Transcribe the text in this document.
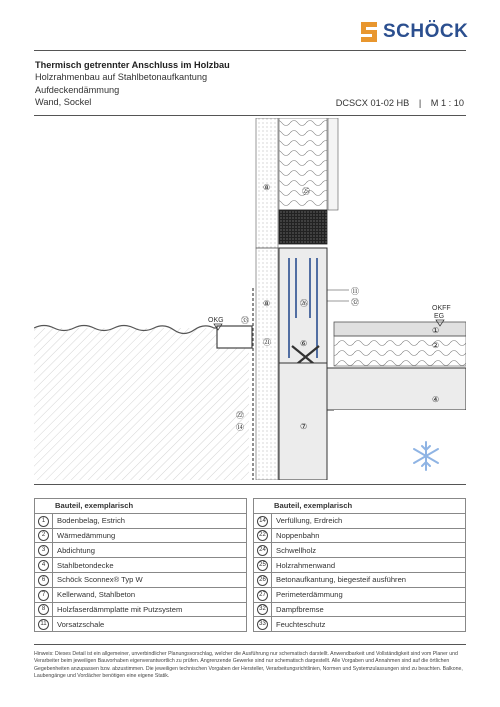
SCHÖCK
Thermisch getrennter Anschluss im Holzbau
Holzrahmenbau auf Stahlbetonaufkantung
Aufdeckendämmung
Wand, Sockel	DCSCX 01-02 HB | M 1 : 10
OKG
OKFF
EG
⑧	㉕
⑪
㉜
⑧
㉝
㉖
㉑	⑥
①
②
④
㉒
⑭	⑦
Bauteil, exemplarisch	
1	Bodenbelag, Estrich
2	Wärmedämmung
3	Abdichtung
4	Stahlbetondecke
6	Schöck Sconnex® Typ W
7	Kellerwand, Stahlbeton
8	Holzfaserdämmplatte mit Putzsystem
11	Vorsatzschale
Bauteil, exemplarisch	
14	Verfüllung, Erdreich
22	Noppenbahn
24	Schwellholz
25	Holzrahmenwand
26	Betonaufkantung, biegesteif ausführen
27	Perimeterdämmung
32	Dampfbremse
33	Feuchteschutz
Hinweis: Dieses Detail ist ein allgemeiner, unverbindlicher Planungsvorschlag, welcher die Ausführung nur schematisch darstellt. Anwendbarkeit und Vollständigkeit sind vom Planer und Verarbeiter beim jeweiligen Bauvorhaben eigenverantwortlich zu prüfen. Angrenzende Gewerke sind nur schematisch dargestellt. Alle Vorgaben und Annahmen sind auf die örtlichen Gegebenheiten anzupassen bzw. abzustimmen. Die jeweiligen technischen Vorgaben der Hersteller, Verarbeitungsrichtlinien, Normen und Systemzulassungen sind zu beachten. Balkone, Laubengänge und Vordächer benötigen eine eigene Statik.
